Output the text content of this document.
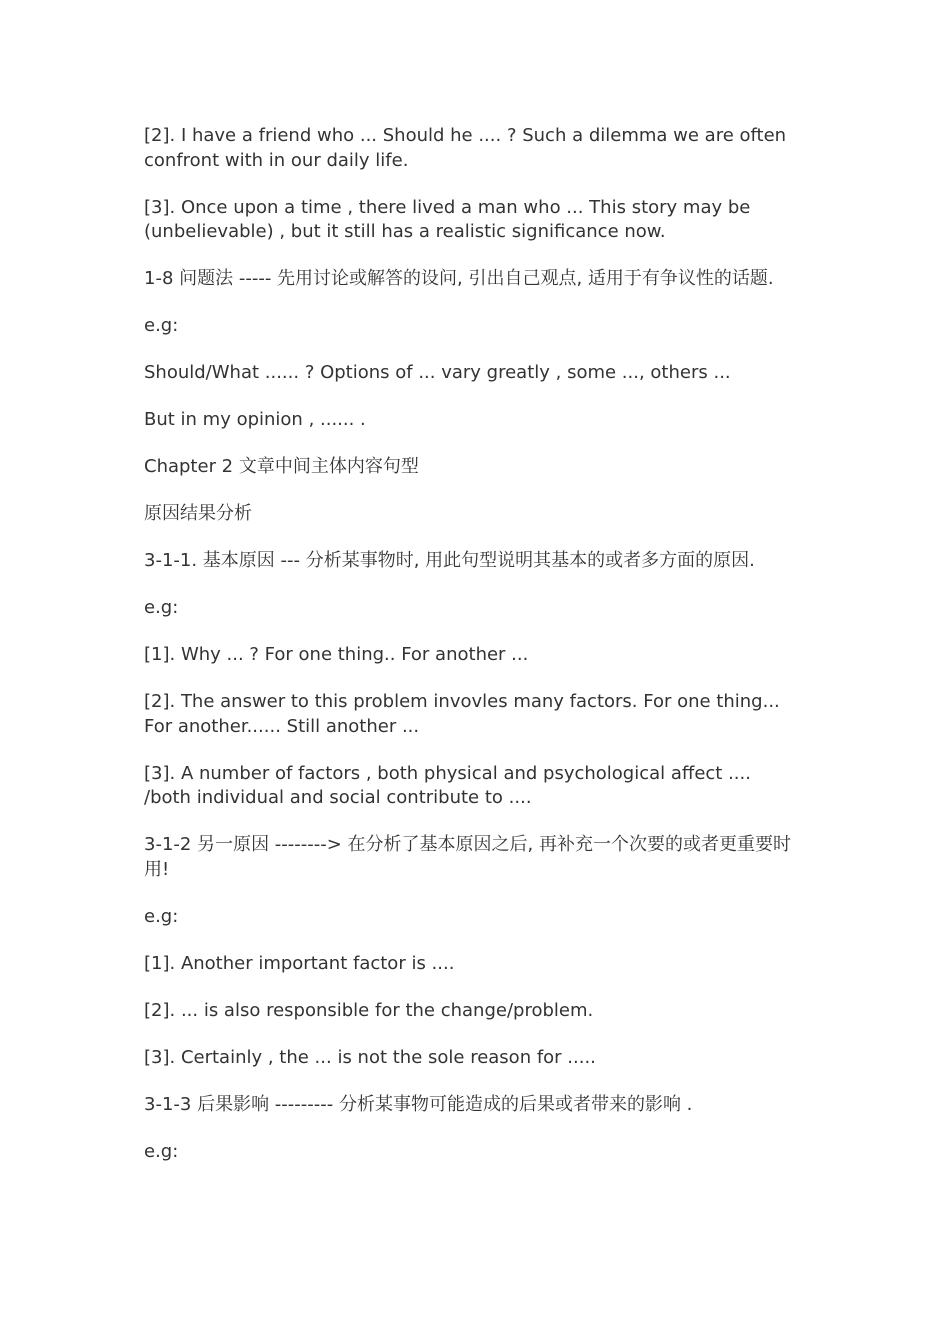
[2]. I have a friend who ... Should he .... ? Such a dilemma we are often confront with in our daily life.

[3]. Once upon a time , there lived a man who ... This story may be (unbelievable) , but it still has a realistic significance now.

1-8 问题法 ----- 先用讨论或解答的设问, 引出自己观点, 适用于有争议性的话题.

e.g:

Should/What ...... ? Options of ... vary greatly , some ..., others ...

But in my opinion , ...... .

Chapter 2 文章中间主体内容句型

原因结果分析

3-1-1. 基本原因 --- 分析某事物时, 用此句型说明其基本的或者多方面的原因.

e.g:

[1]. Why ... ? For one thing.. For another ...

[2]. The answer to this problem invovles many factors. For one thing... For another...... Still another ...

[3]. A number of factors , both physical and psychological affect .... /both individual and social contribute to ....

3-1-2 另一原因 --------> 在分析了基本原因之后, 再补充一个次要的或者更重要时用!

e.g:

[1]. Another important factor is ....

[2]. ... is also responsible for the change/problem.

[3]. Certainly , the ... is not the sole reason for .....

3-1-3 后果影响 --------- 分析某事物可能造成的后果或者带来的影响 .

e.g:
